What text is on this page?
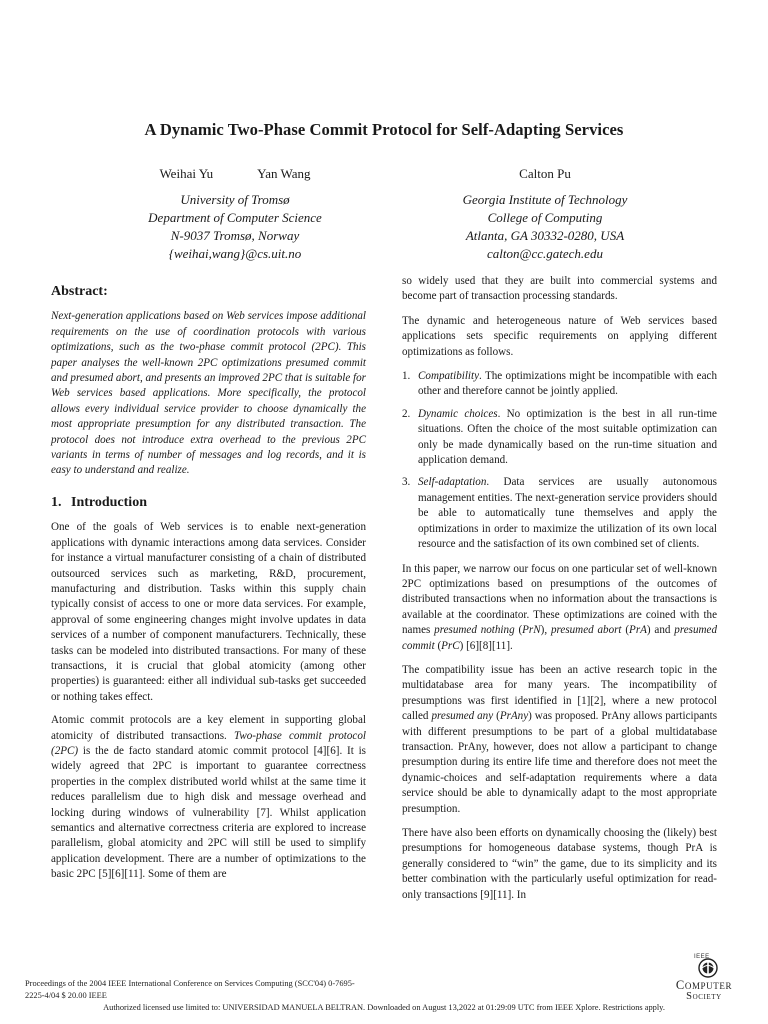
A Dynamic Two-Phase Commit Protocol for Self-Adapting Services
Weihai Yu	Yan Wang
University of Tromsø
Department of Computer Science
N-9037 Tromsø, Norway
{weihai,wang}@cs.uit.no
Calton Pu
Georgia Institute of Technology
College of Computing
Atlanta, GA 30332-0280, USA
calton@cc.gatech.edu
Abstract:

Next-generation applications based on Web services impose additional requirements on the use of coordination protocols with various optimizations, such as the two-phase commit protocol (2PC). This paper analyses the well-known 2PC optimizations presumed commit and presumed abort, and presents an improved 2PC that is suitable for Web services based applications. More specifically, the protocol allows every individual service provider to choose dynamically the most appropriate presumption for any distributed transaction. The protocol does not introduce extra overhead to the previous 2PC variants in terms of number of messages and log records, and it is easy to understand and realize.

1. Introduction

One of the goals of Web services is to enable next-generation applications with dynamic interactions among data services. Consider for instance a virtual manufacturer consisting of a chain of distributed outsourced services such as marketing, R&D, procurement, manufacturing and distribution. Tasks within this supply chain typically consist of access to one or more data services. For example, approval of some engineering changes might involve updates in data services of a number of component manufacturers. Technically, these tasks can be modeled into distributed transactions. For many of these transactions, it is crucial that global atomicity (among other properties) is guaranteed: either all individual sub-tasks get succeeded or nothing takes effect.

Atomic commit protocols are a key element in supporting global atomicity of distributed transactions. Two-phase commit protocol (2PC) is the de facto standard atomic commit protocol [4][6]. It is widely agreed that 2PC is important to guarantee correctness properties in the complex distributed world whilst at the same time it reduces parallelism due to high disk and message overhead and locking during windows of vulnerability [7]. Whilst application semantics and alternative correctness criteria are explored to increase parallelism, global atomicity and 2PC will still be used to simplify application development. There are a number of optimizations to the basic 2PC [5][6][11]. Some of them are

so widely used that they are built into commercial systems and become part of transaction processing standards.

The dynamic and heterogeneous nature of Web services based applications sets specific requirements on applying different optimizations as follows.

1. Compatibility. The optimizations might be incompatible with each other and therefore cannot be jointly applied.
2. Dynamic choices. No optimization is the best in all run-time situations. Often the choice of the most suitable optimization can only be made dynamically based on the run-time situation and application demand.
3. Self-adaptation. Data services are usually autonomous management entities. The next-generation service providers should be able to automatically tune themselves and apply the optimizations in order to maximize the utilization of its own local resource and the satisfaction of its own combined set of clients.

In this paper, we narrow our focus on one particular set of well-known 2PC optimizations based on presumptions of the outcomes of distributed transactions when no information about the transactions is available at the coordinator. These optimizations are coined with the names presumed nothing (PrN), presumed abort (PrA) and presumed commit (PrC) [6][8][11].

The compatibility issue has been an active research topic in the multidatabase area for many years. The incompatibility of presumptions was first identified in [1][2], where a new protocol called presumed any (PrAny) was proposed. PrAny allows participants with different presumptions to be part of a global multidatabase transaction. PrAny, however, does not allow a participant to change presumption during its entire life time and therefore does not meet the dynamic-choices and self-adaptation requirements where a data service should be able to dynamically adapt to the most appropriate presumption.

There have also been efforts on dynamically choosing the (likely) best presumptions for homogeneous database systems, though PrA is generally considered to “win” the game, due to its simplicity and its better combination with the particularly useful optimization for read-only transactions [9][11]. In

Proceedings of the 2004 IEEE International Conference on Services Computing (SCC'04) 0-7695-
2225-4/04 $ 20.00 IEEE
Authorized licensed use limited to: UNIVERSIDAD MANUELA BELTRAN. Downloaded on August 13,2022 at 01:29:09 UTC from IEEE Xplore. Restrictions apply.
IEEE
Computer
Society
